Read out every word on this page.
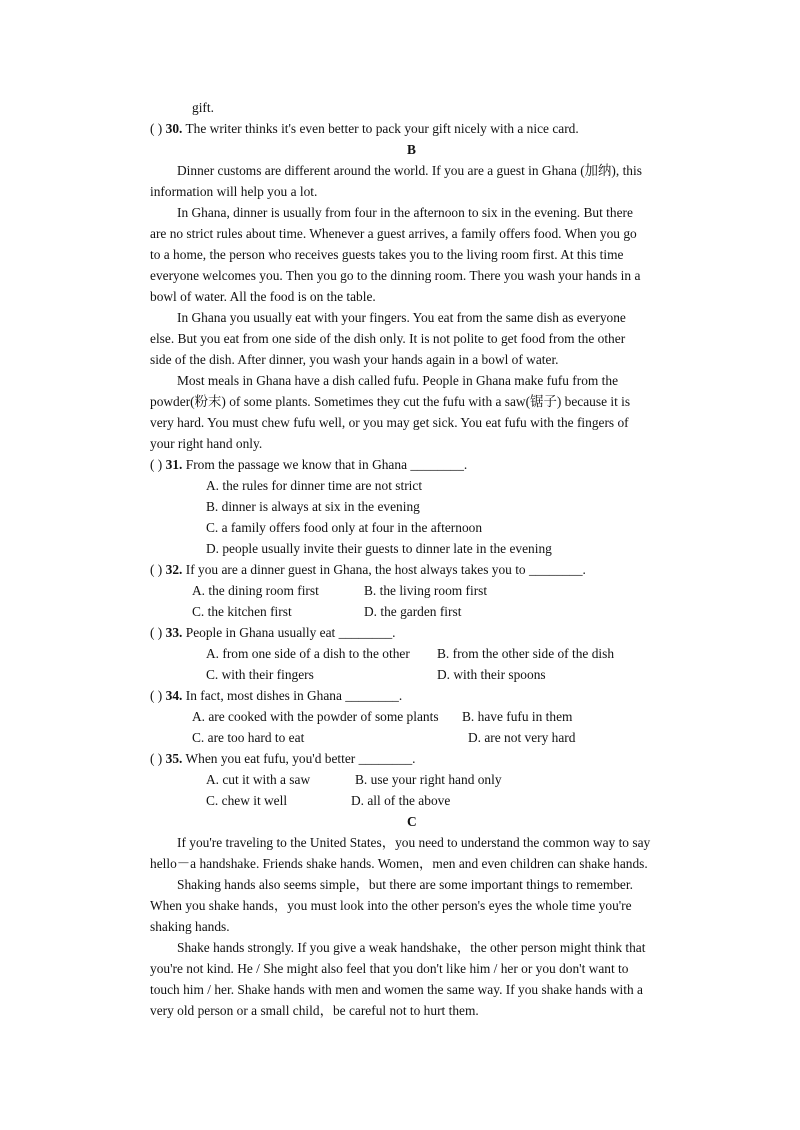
gift.
( ) 30. The writer thinks it's even better to pack your gift nicely with a nice card.
B
Dinner customs are different around the world. If you are a guest in Ghana (加纳), this
information will help you a lot.
In Ghana, dinner is usually from four in the afternoon to six in the evening. But there
are no strict rules about time. Whenever a guest arrives, a family offers food. When you go
to a home, the person who receives guests takes you to the living room first. At this time
everyone welcomes you. Then you go to the dinning room. There you wash your hands in a
bowl of water. All the food is on the table.
In Ghana you usually eat with your fingers. You eat from the same dish as everyone
else. But you eat from one side of the dish only. It is not polite to get food from the other
side of the dish. After dinner, you wash your hands again in a bowl of water.
Most meals in Ghana have a dish called fufu. People in Ghana make fufu from the
powder(粉末) of some plants. Sometimes they cut the fufu with a saw(锯子) because it is
very hard. You must chew fufu well, or you may get sick. You eat fufu with the fingers of
your right hand only.
( ) 31. From the passage we know that in Ghana ________.
A. the rules for dinner time are not strict
B. dinner is always at six in the evening
C. a family offers food only at four in the afternoon
D. people usually invite their guests to dinner late in the evening
( ) 32. If you are a dinner guest in Ghana, the host always takes you to ________.
A. the dining room first	B. the living room first
C. the kitchen first	D. the garden first
( ) 33. People in Ghana usually eat ________.
A. from one side of a dish to the other B. from the other side of the dish
C. with their fingers	D. with their spoons
( ) 34. In fact, most dishes in Ghana ________.
A. are cooked with the powder of some plants B. have fufu in them
C. are too hard to eat	D. are not very hard
( ) 35. When you eat fufu, you'd better ________.
A. cut it with a saw	B. use your right hand only
C. chew it well	D. all of the above
C
If you're traveling to the United States，you need to understand the common way to say
hello－a handshake. Friends shake hands. Women，men and even children can shake hands.
Shaking hands also seems simple，but there are some important things to remember.
When you shake hands，you must look into the other person's eyes the whole time you're
shaking hands.
Shake hands strongly. If you give a weak handshake，the other person might think that
you're not kind. He / She might also feel that you don't like him / her or you don't want to
touch him / her. Shake hands with men and women the same way. If you shake hands with a
very old person or a small child，be careful not to hurt them.
